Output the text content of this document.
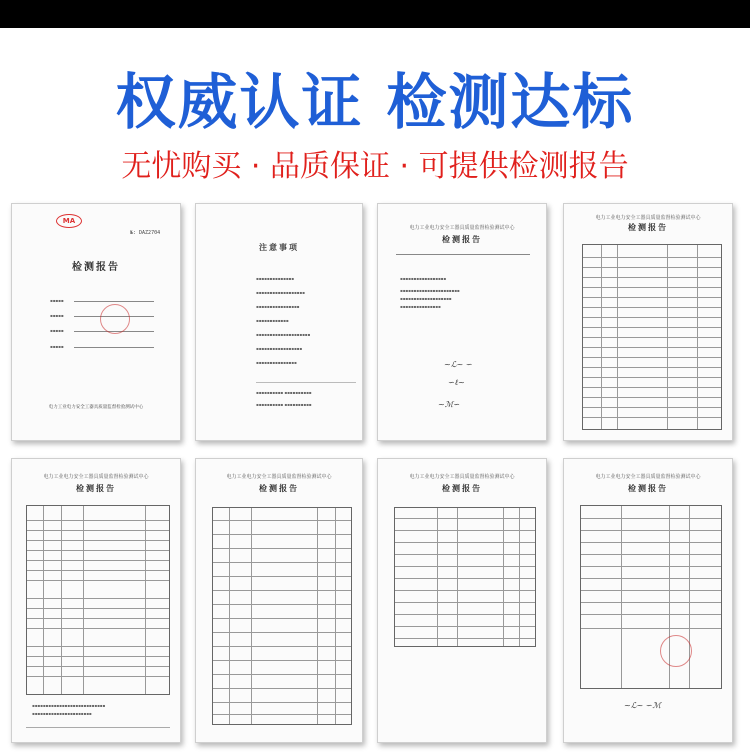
权威认证 检测达标
无忧购买 · 品质保证 · 可提供检测报告
MA
№: DAZ2704
检测报告
▪▪▪▪▪
▪▪▪▪▪
▪▪▪▪▪
▪▪▪▪▪
电力工业电力安全工器具质量监督检验测试中心
注意事项
▪▪▪▪▪▪▪▪▪▪▪▪▪▪
▪▪▪▪▪▪▪▪▪▪▪▪▪▪▪▪▪▪
▪▪▪▪▪▪▪▪▪▪▪▪▪▪▪▪
▪▪▪▪▪▪▪▪▪▪▪▪
▪▪▪▪▪▪▪▪▪▪▪▪▪▪▪▪▪▪▪▪
▪▪▪▪▪▪▪▪▪▪▪▪▪▪▪▪▪
▪▪▪▪▪▪▪▪▪▪▪▪▪▪▪
▪▪▪▪▪▪▪▪▪▪ ▪▪▪▪▪▪▪▪▪▪
▪▪▪▪▪▪▪▪▪▪ ▪▪▪▪▪▪▪▪▪▪
电力工业电力安全工器具质量监督检验测试中心
检测报告
▪▪▪▪▪▪▪▪▪▪▪▪▪▪▪▪▪
▪▪▪▪▪▪▪▪▪▪▪▪▪▪▪▪▪▪▪▪▪▪
▪▪▪▪▪▪▪▪▪▪▪▪▪▪▪▪▪▪▪
▪▪▪▪▪▪▪▪▪▪▪▪▪▪▪
~ℒ~ ∽
∽ℓ~
~ℳ∽
电力工业电力安全工器具质量监督检验测试中心
检测报告
电力工业电力安全工器具质量监督检验测试中心
检测报告
▪▪▪▪▪▪▪▪▪▪▪▪▪▪▪▪▪▪▪▪▪▪▪▪▪▪▪
▪▪▪▪▪▪▪▪▪▪▪▪▪▪▪▪▪▪▪▪▪▪
电力工业电力安全工器具质量监督检验测试中心
检测报告
电力工业电力安全工器具质量监督检验测试中心
检测报告
电力工业电力安全工器具质量监督检验测试中心
检测报告
~ℒ~ ∽ℳ
